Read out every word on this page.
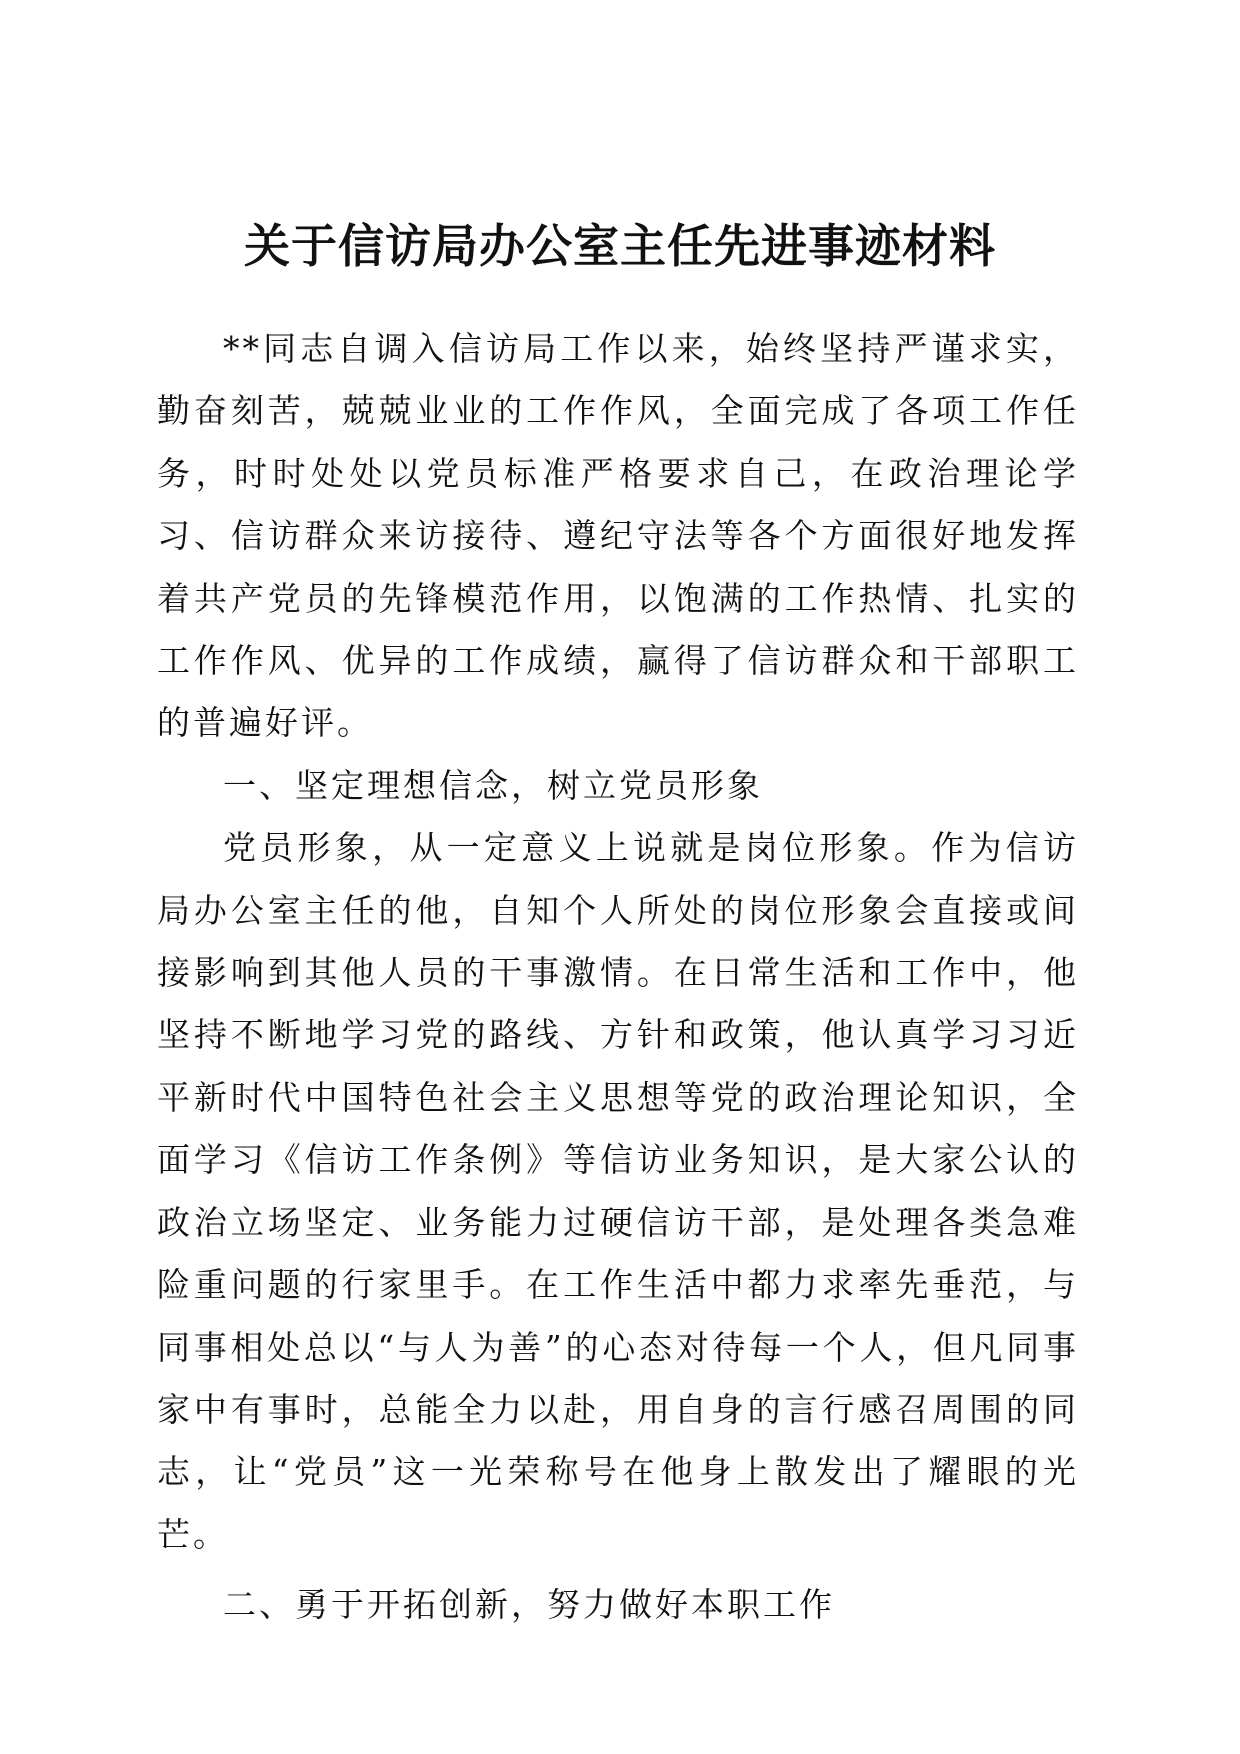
关于信访局办公室主任先进事迹材料

**同志自调入信访局工作以来，始终坚持严谨求实，勤奋刻苦，兢兢业业的工作作风，全面完成了各项工作任务，时时处处以党员标准严格要求自己，在政治理论学习、信访群众来访接待、遵纪守法等各个方面很好地发挥着共产党员的先锋模范作用，以饱满的工作热情、扎实的工作作风、优异的工作成绩，赢得了信访群众和干部职工的普遍好评。

一、坚定理想信念，树立党员形象

党员形象，从一定意义上说就是岗位形象。作为信访局办公室主任的他，自知个人所处的岗位形象会直接或间接影响到其他人员的干事激情。在日常生活和工作中，他坚持不断地学习党的路线、方针和政策，他认真学习习近平新时代中国特色社会主义思想等党的政治理论知识，全面学习《信访工作条例》等信访业务知识，是大家公认的政治立场坚定、业务能力过硬信访干部，是处理各类急难险重问题的行家里手。在工作生活中都力求率先垂范，与同事相处总以“与人为善”的心态对待每一个人，但凡同事家中有事时，总能全力以赴，用自身的言行感召周围的同志，让“党员”这一光荣称号在他身上散发出了耀眼的光芒。

二、勇于开拓创新，努力做好本职工作
